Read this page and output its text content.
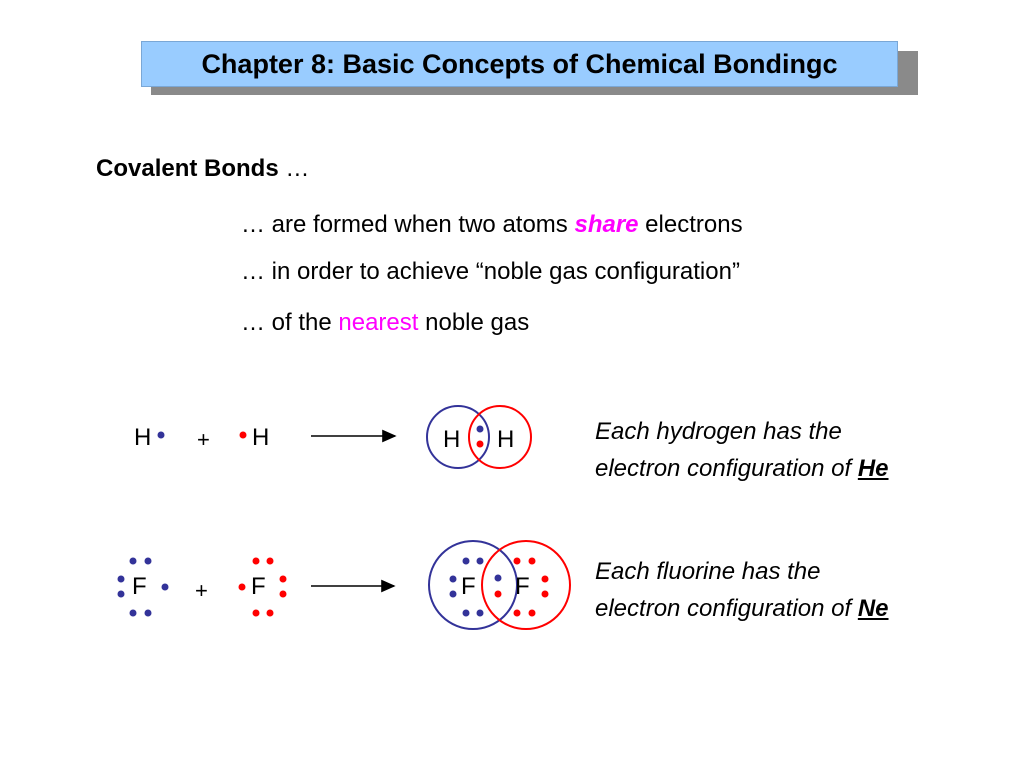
Chapter 8: Basic Concepts of Chemical Bondingc
Covalent Bonds …
… are formed when two atoms share electrons
… in order to achieve “noble gas configuration”
… of the nearest noble gas
H + H	H H
F + F	F F
Each hydrogen has the
electron configuration of He
Each fluorine has the
electron configuration of Ne
